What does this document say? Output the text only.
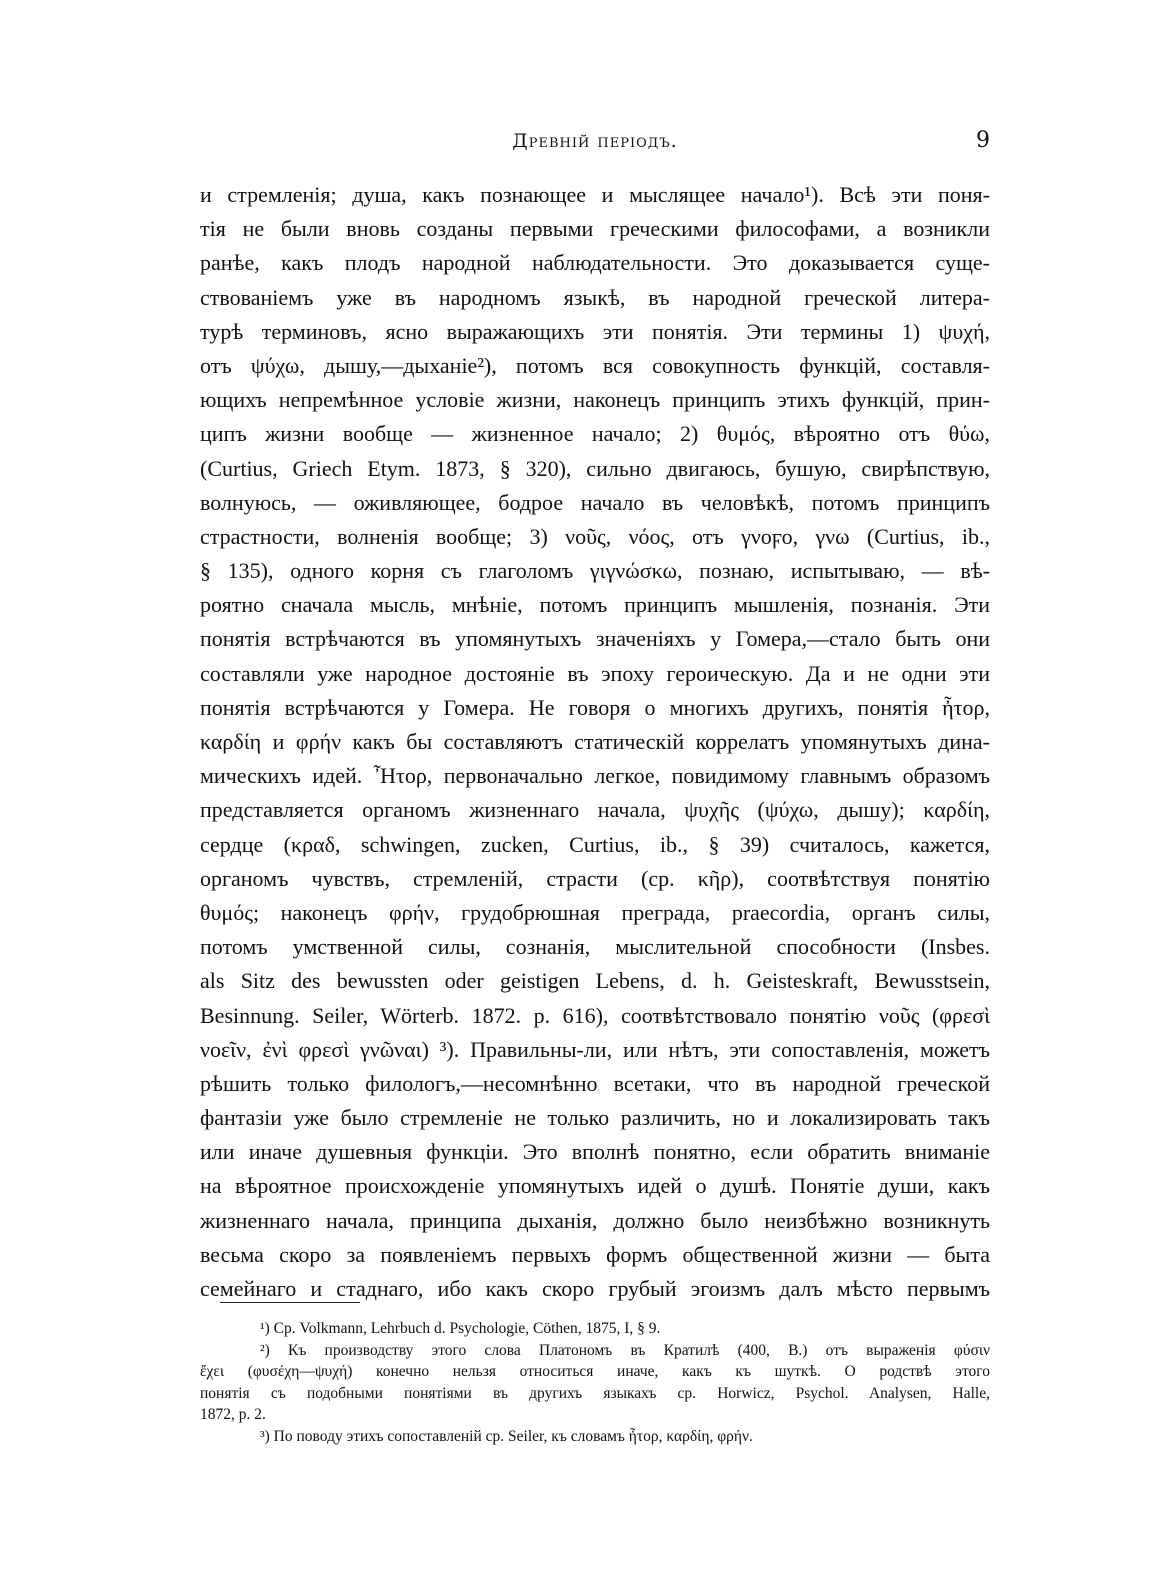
Древній періодъ.	9
и стремленія; душа, какъ познающее и мыслящее начало¹). Всѣ эти поня-
тія не были вновь созданы первыми греческими философами, а возникли
ранѣе, какъ плодъ народной наблюдательности. Это доказывается суще-
ствованіемъ уже въ народномъ языкѣ, въ народной греческой литера-
турѣ терминовъ, ясно выражающихъ эти понятія. Эти термины 1) ψυχή,
отъ ψύχω, дышу,—дыханіе²), потомъ вся совокупность функцій, составля-
ющихъ непремѣнное условіе жизни, наконецъ принципъ этихъ функцій, прин-
ципъ жизни вообще — жизненное начало; 2) θυμός, вѣроятно отъ θύω,
(Curtius, Griech Etym. 1873, § 320), сильно двигаюсь, бушую, свирѣпствую,
волнуюсь, — оживляющее, бодрое начало въ человѣкѣ, потомъ принципъ
страстности, волненія вообще; 3) νοῦς, νόος, отъ γνοϝο, γνω (Curtius, ib.,
§ 135), одного корня съ глаголомъ γιγνώσκω, познаю, испытываю, — вѣ-
роятно сначала мысль, мнѣніе, потомъ принципъ мышленія, познанія. Эти
понятія встрѣчаются въ упомянутыхъ значеніяхъ у Гомера,—стало быть они
составляли уже народное достояніе въ эпоху героическую. Да и не одни эти
понятія встрѣчаются у Гомера. Не говоря о многихъ другихъ, понятія ἦτορ,
καρδίη и φρήν какъ бы составляютъ статическій коррелатъ упомянутыхъ дина-
мическихъ идей. Ἦτορ, первоначально легкое, повидимому главнымъ образомъ
представляется органомъ жизненнаго начала, ψυχῆς (ψύχω, дышу); καρδίη,
сердце (κραδ, schwingen, zucken, Curtius, ib., § 39) считалось, кажется,
органомъ чувствъ, стремленій, страсти (ср. κῆρ), соотвѣтствуя понятію
θυμός; наконецъ φρήν, грудобрюшная преграда, praecordia, органъ силы,
потомъ умственной силы, сознанія, мыслительной способности (Insbes.
als Sitz des bewussten oder geistigen Lebens, d. h. Geisteskraft, Bewusstsein,
Besinnung. Seiler, Wörterb. 1872. p. 616), соотвѣтствовало понятію νοῦς (φρεσὶ
νοεῖν, ἐνὶ φρεσὶ γνῶναι) ³). Правильны-ли, или нѣтъ, эти сопоставленія, можетъ
рѣшить только филологъ,—несомнѣнно всетаки, что въ народной греческой
фантазіи уже было стремленіе не только различить, но и локализировать такъ
или иначе душевныя функціи. Это вполнѣ понятно, если обратить вниманіе
на вѣроятное происхожденіе упомянутыхъ идей о душѣ. Понятіе души, какъ
жизненнаго начала, принципа дыханія, должно было неизбѣжно возникнуть
весьма скоро за появленіемъ первыхъ формъ общественной жизни — быта
семейнаго и стаднаго, ибо какъ скоро грубый эгоизмъ далъ мѣсто первымъ
¹) Ср. Volkmann, Lehrbuch d. Psychologie, Cöthen, 1875, I, § 9.
²) Къ производству этого слова Платономъ въ Кратилѣ (400, B.) отъ выраженія φύσιν
ἔχει (φυσέχη—ψυχή) конечно нельзя относиться иначе, какъ къ шуткѣ. О родствѣ этого
понятія съ подобными понятіями въ другихъ языкахъ ср. Horwicz, Psychol. Analysen, Halle,
1872, p. 2.
³) По поводу этихъ сопоставленій ср. Seiler, къ словамъ ἦτορ, καρδίη, φρήν.
